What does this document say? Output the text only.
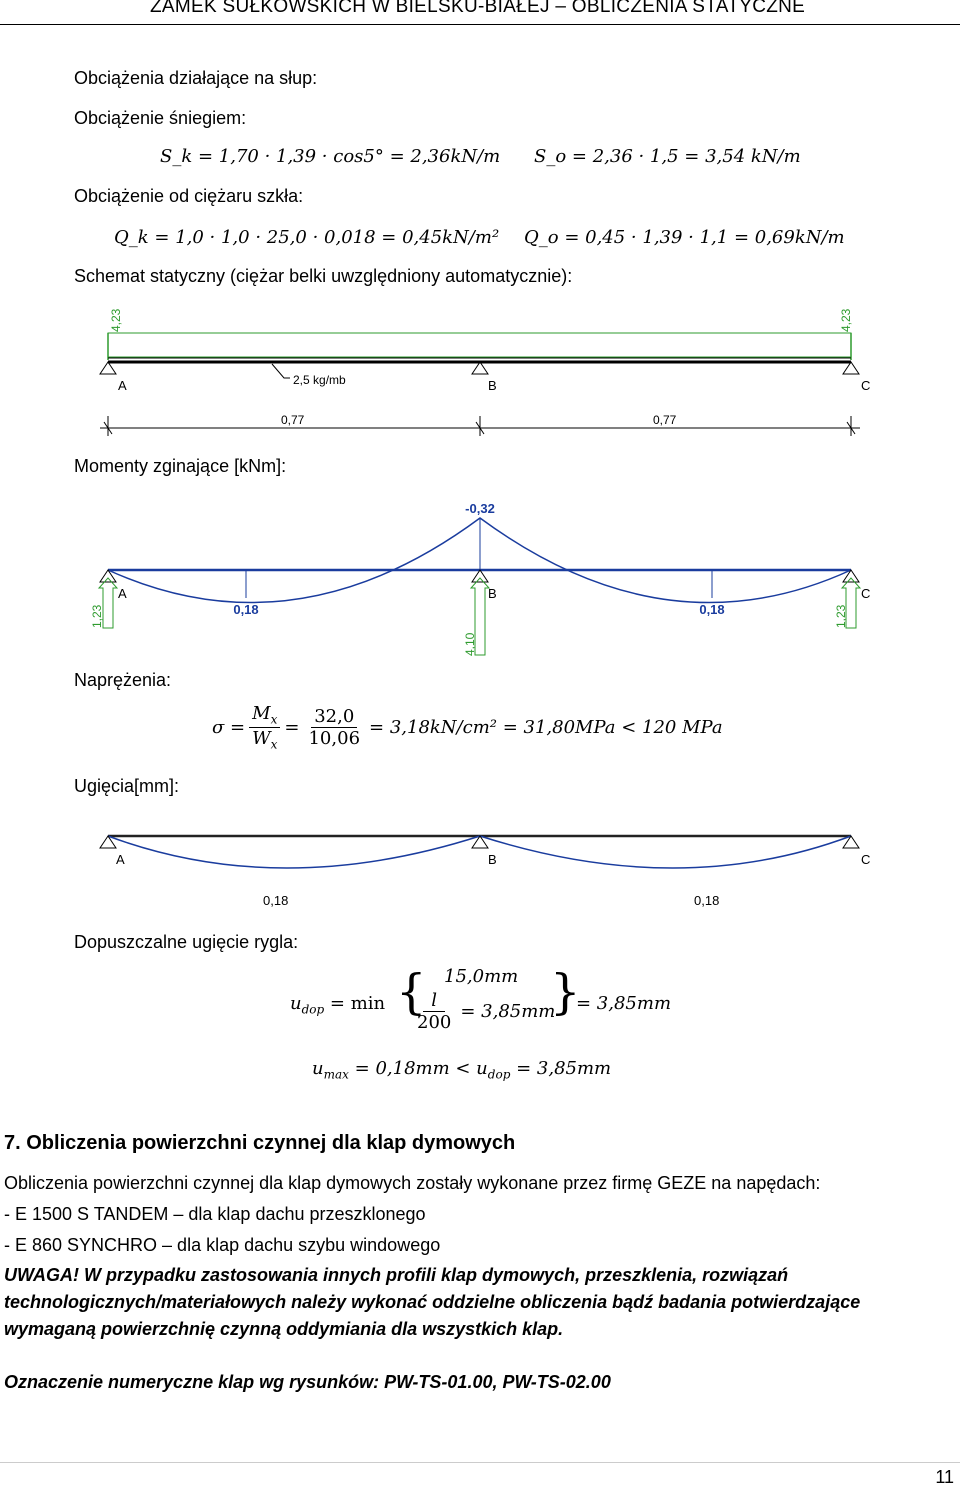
ZAMEK SUŁKOWSKICH W BIELSKU-BIAŁEJ – OBLICZENIA STATYCZNE
Obciążenia działające na słup:
Obciążenie śniegiem:
S_k = 1,70 · 1,39 · cos5° = 2,36kN/m S_o = 2,36 · 1,5 = 3,54 kN/m
Obciążenie od ciężaru szkła:
Q_k = 1,0 · 1,0 · 25,0 · 0,018 = 0,45kN/m² Q_o = 0,45 · 1,39 · 1,1 = 0,69kN/m
Schemat statyczny (ciężar belki uwzględniony automatycznie):
4,23	4,23
A	B	C
2,5 kg/mb
0,77	0,77
Momenty zginające [kNm]:
-0,32
0,18	0,18
A	B	C
1,23
4,10
1,23
Naprężenia:
$\sigma = \frac{M_x}{W_x} = \frac{32,0}{10,06} = 3,18kN/cm^2 = 31,80MPa < 120$ MPa
Ugięcia[mm]:
A	B	C
0,18	0,18
Dopuszczalne ugięcie rygla:
$u_{dop} = \min$ { 15,0mm
$\frac{l}{200} = 3,85mm$
}
= 3,85mm
$u_{max} = 0,18mm < u_{dop} = 3,85mm$
7. Obliczenia powierzchni czynnej dla klap dymowych
Obliczenia powierzchni czynnej dla klap dymowych zostały wykonane przez firmę GEZE na napędach:
- E 1500 S TANDEM – dla klap dachu przeszklonego
- E 860 SYNCHRO – dla klap dachu szybu windowego
UWAGA! W przypadku zastosowania innych profili klap dymowych, przeszklenia, rozwiązań
technologicznych/materiałowych należy wykonać oddzielne obliczenia bądź badania potwierdzające
wymaganą powierzchnię czynną oddymiania dla wszystkich klap.
Oznaczenie numeryczne klap wg rysunków: PW-TS-01.00, PW-TS-02.00
11
